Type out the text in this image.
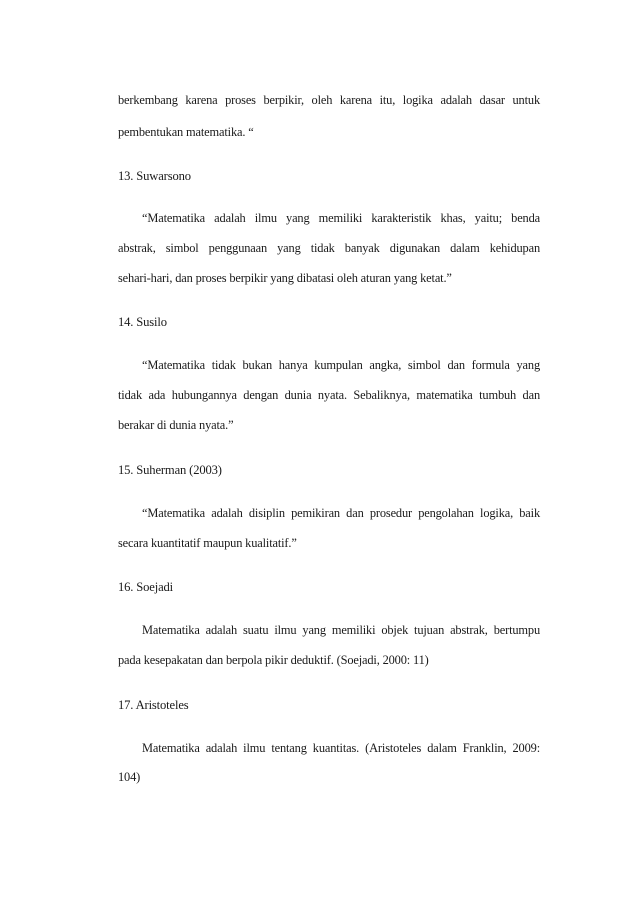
berkembang karena proses berpikir, oleh karena itu, logika adalah dasar untuk
pembentukan matematika. “
13. Suwarsono
“Matematika adalah ilmu yang memiliki karakteristik khas, yaitu; benda
abstrak, simbol penggunaan yang tidak banyak digunakan dalam kehidupan
sehari-hari, dan proses berpikir yang dibatasi oleh aturan yang ketat.”
14. Susilo
“Matematika tidak bukan hanya kumpulan angka, simbol dan formula yang
tidak ada hubungannya dengan dunia nyata. Sebaliknya, matematika tumbuh dan
berakar di dunia nyata.”
15. Suherman (2003)
“Matematika adalah disiplin pemikiran dan prosedur pengolahan logika, baik
secara kuantitatif maupun kualitatif.”
16. Soejadi
Matematika adalah suatu ilmu yang memiliki objek tujuan abstrak, bertumpu
pada kesepakatan dan berpola pikir deduktif. (Soejadi, 2000: 11)
17. Aristoteles
Matematika adalah ilmu tentang kuantitas. (Aristoteles dalam Franklin, 2009:
104)
